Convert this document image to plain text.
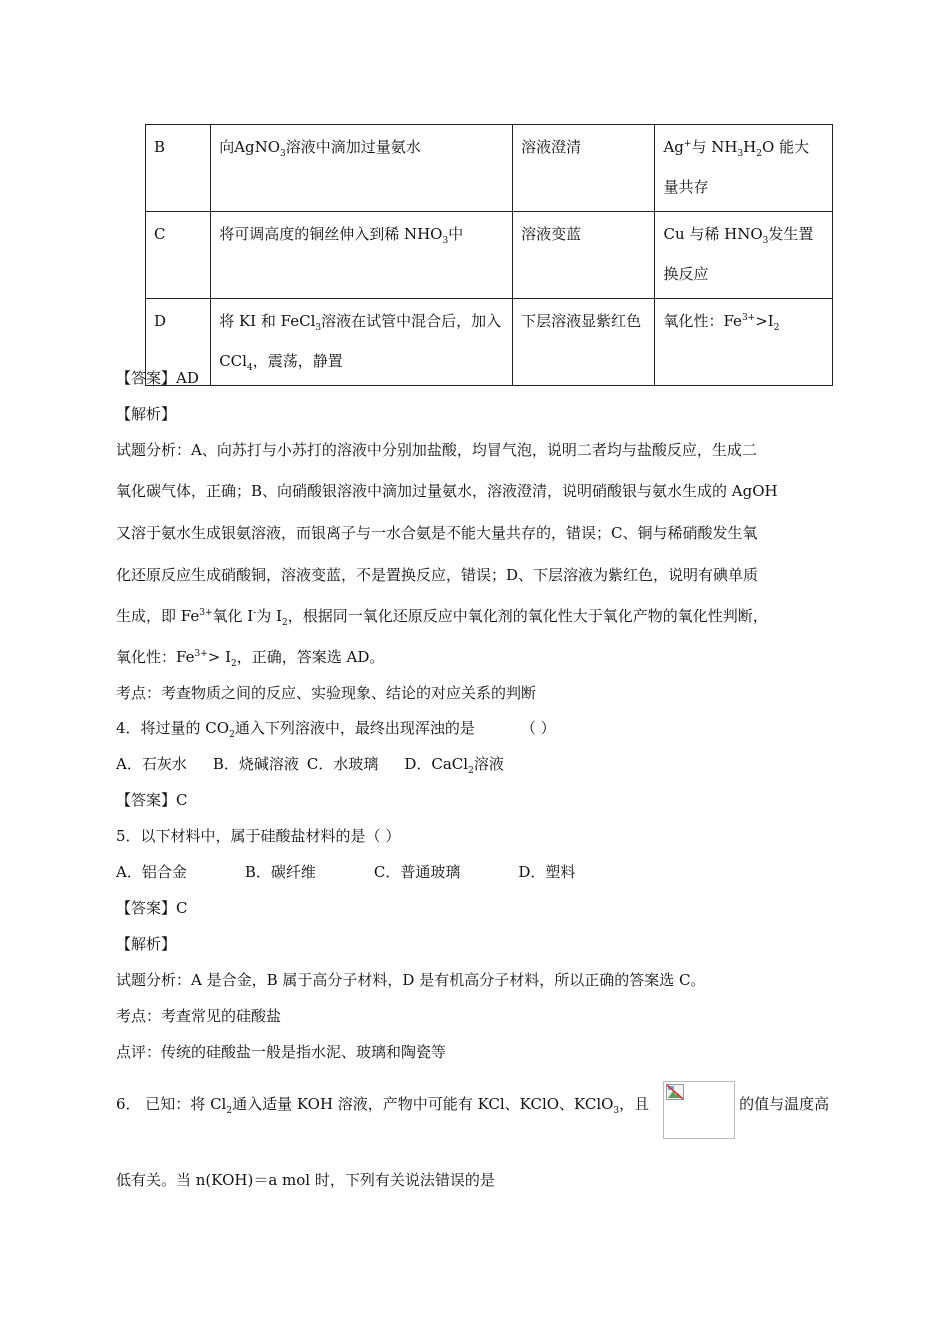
B	向AgNO$_3$溶液中滴加过量氨水	溶液澄清	Ag+与 $NH_3H_2O$ 能大量共存
C	将可调高度的铜丝伸入到稀 $NHO_3$中	溶液变蓝	Cu 与稀 $HNO_3$发生置换反应
D	将 KI 和 FeCl$_3$溶液在试管中混合后，加入 CCl$_4$，震荡，静置	下层溶液显紫红色	氧化性：$Fe^{3+}>I_2$
【答案】AD
【解析】
试题分析：A、向苏打与小苏打的溶液中分别加盐酸，均冒气泡，说明二者均与盐酸反应，生成二
氧化碳气体，正确；B、向硝酸银溶液中滴加过量氨水，溶液澄清，说明硝酸银与氨水生成的 AgOH
又溶于氨水生成银氨溶液，而银离子与一水合氨是不能大量共存的，错误；C、铜与稀硝酸发生氧
化还原反应生成硝酸铜，溶液变蓝，不是置换反应，错误；D、下层溶液为紫红色，说明有碘单质
生成，即 $Fe^{3+}$氧化 I-为 $I_2$，根据同一氧化还原反应中氧化剂的氧化性大于氧化产物的氧化性判断，
氧化性：$Fe^{3+}> I_2$，正确，答案选 AD。
考点：考查物质之间的反应、实验现象、结论的对应关系的判断
4．将过量的 $CO_2$通入下列溶液中，最终出现浑浊的是	（ ）
A．石灰水 B．烧碱溶液 C．水玻璃 D．CaCl$_2$溶液
【答案】C
5．以下材料中，属于硅酸盐材料的是（ ）
A．铝合金	B．碳纤维	C．普通玻璃	D．塑料
【答案】C
【解析】
试题分析：A 是合金，B 属于高分子材料，D 是有机高分子材料，所以正确的答案选 C。
考点：考查常见的硅酸盐
点评：传统的硅酸盐一般是指水泥、玻璃和陶瓷等
6． 已知：将 $Cl_2$通入适量 KOH 溶液，产物中可能有 KCl、KClO、KClO$_3$，且	的值与温度高
低有关。当 n(KOH)＝a mol 时，下列有关说法错误的是
